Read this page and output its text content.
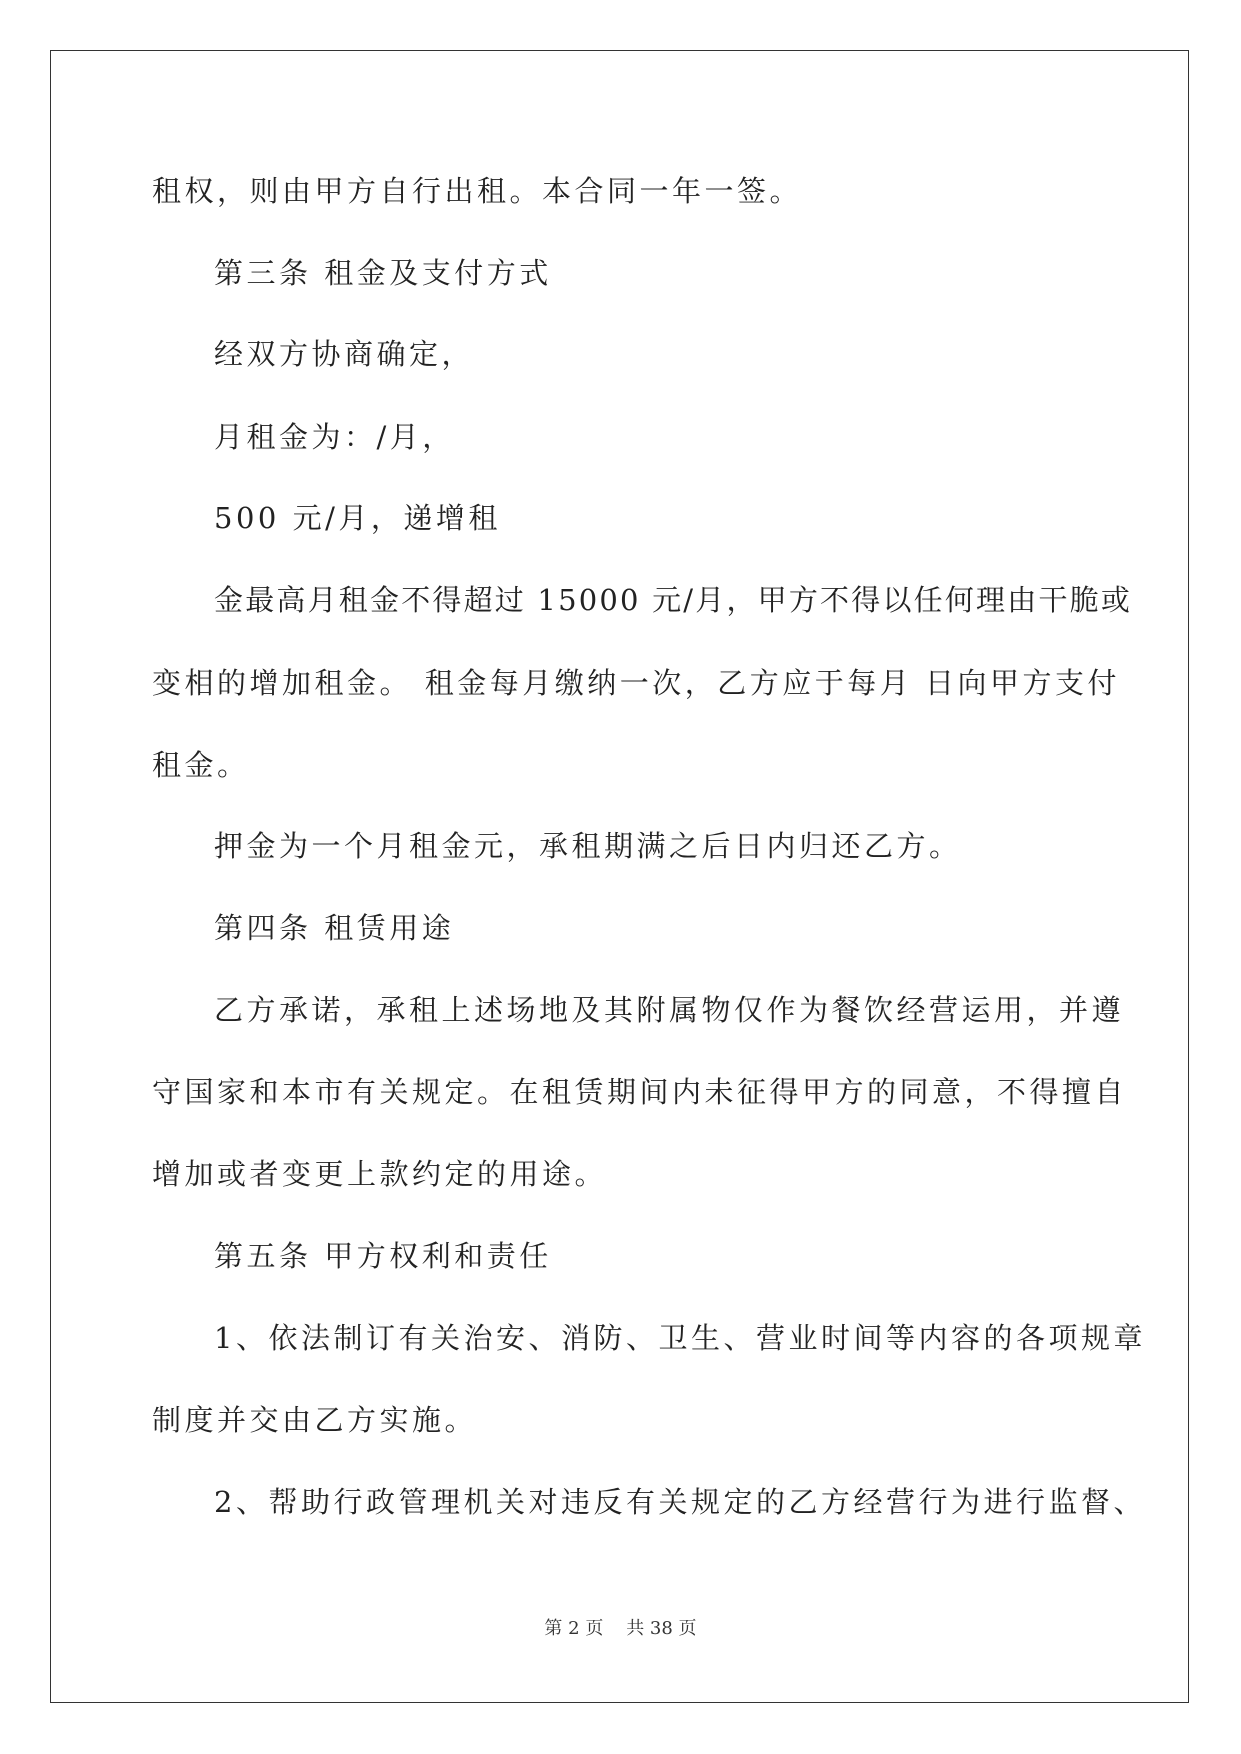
租权，则由甲方自行出租。本合同一年一签。
第三条 租金及支付方式
经双方协商确定，
月租金为：/月，
500 元/月，递增租
金最高月租金不得超过 15000 元/月，甲方不得以任何理由干脆或
变相的增加租金。 租金每月缴纳一次，乙方应于每月 日向甲方支付
租金。
押金为一个月租金元，承租期满之后日内归还乙方。
第四条 租赁用途
乙方承诺，承租上述场地及其附属物仅作为餐饮经营运用，并遵
守国家和本市有关规定。在租赁期间内未征得甲方的同意，不得擅自
增加或者变更上款约定的用途。
第五条 甲方权利和责任
1、依法制订有关治安、消防、卫生、营业时间等内容的各项规章
制度并交由乙方实施。
2、帮助行政管理机关对违反有关规定的乙方经营行为进行监督、
第 2 页    共 38 页
